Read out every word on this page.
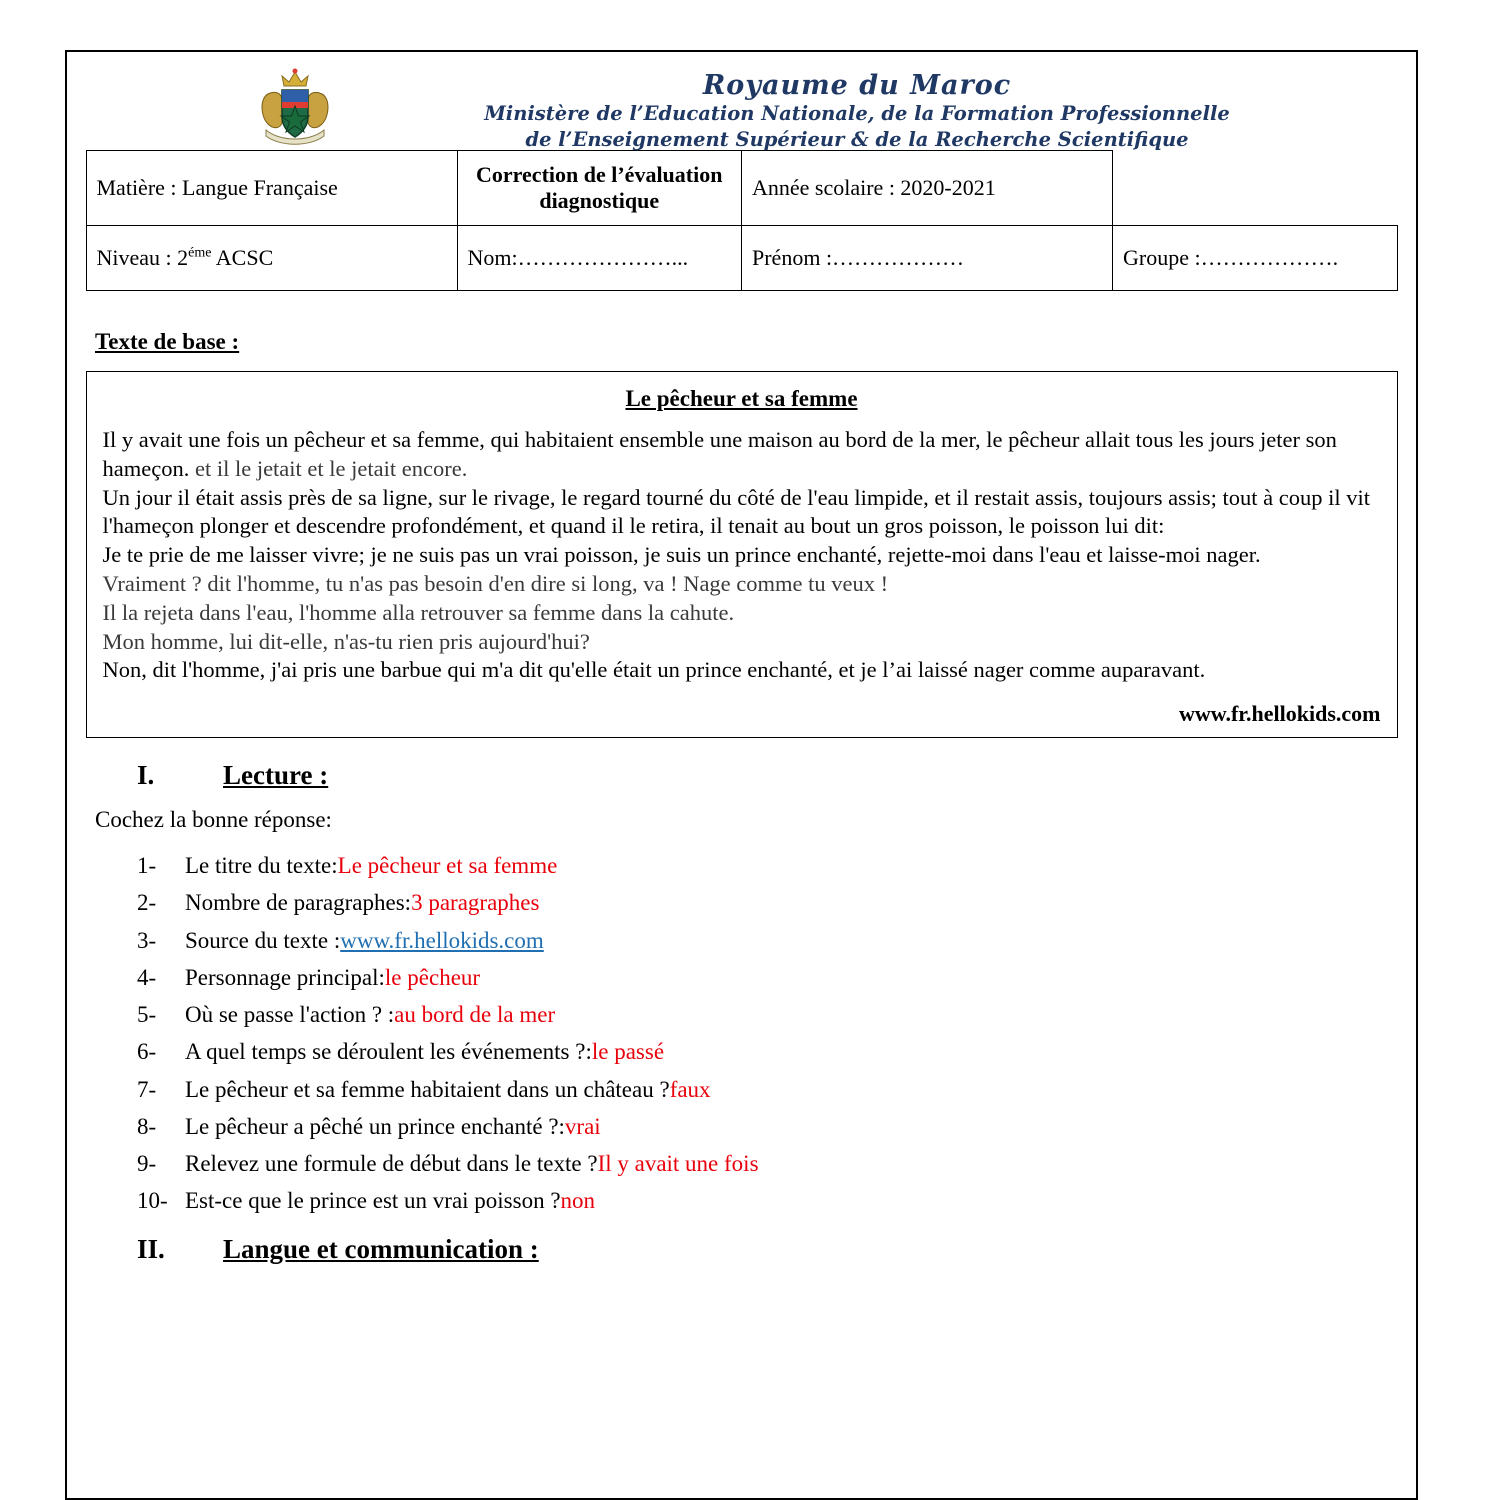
Royaume du Maroc
Ministère de l’Education Nationale, de la Formation Professionnelle
de l’Enseignement Supérieur & de la Recherche Scientifique
Matière : Langue Française	Correction de l’évaluation diagnostique	Année scolaire : 2020-2021	
Niveau : $2^{éme}$ ACSC	Nom:…………………...	Prénom :………………	Groupe :……………….
Texte de base :
Le pêcheur et sa femme

Il y avait une fois un pêcheur et sa femme, qui habitaient ensemble une maison au bord de la mer, le pêcheur allait tous les jours jeter son hameçon. et il le jetait et le jetait encore.

Un jour il était assis près de sa ligne, sur le rivage, le regard tourné du côté de l'eau limpide, et il restait assis, toujours assis; tout à coup il vit l'hameçon plonger et descendre profondément, et quand il le retira, il tenait au bout un gros poisson, le poisson lui dit:

Je te prie de me laisser vivre; je ne suis pas un vrai poisson, je suis un prince enchanté, rejette-moi dans l'eau et laisse-moi nager.

Vraiment ? dit l'homme, tu n'as pas besoin d'en dire si long, va ! Nage comme tu veux !

Il la rejeta dans l'eau, l'homme alla retrouver sa femme dans la cahute.

Mon homme, lui dit-elle, n'as-tu rien pris aujourd'hui?

Non, dit l'homme, j'ai pris une barbue qui m'a dit qu'elle était un prince enchanté, et je l’ai laissé nager comme auparavant.

www.fr.hellokids.com
I.	Lecture :
Cochez la bonne réponse:
1-	Le titre du texte: Le pêcheur et sa femme
2-	Nombre de paragraphes: 3 paragraphes
3-	Source du texte : www.fr.hellokids.com
4-	Personnage principal: le pêcheur
5-	Où se passe l'action ? : au bord de la mer
6-	A quel temps se déroulent les événements ?: le passé
7-	Le pêcheur et sa femme habitaient dans un château ? faux
8-	Le pêcheur a pêché un prince enchanté ?: vrai
9-	Relevez une formule de début dans le texte ? Il y avait une fois
10- Est-ce que le prince est un vrai poisson ? non
II.	Langue et communication :
